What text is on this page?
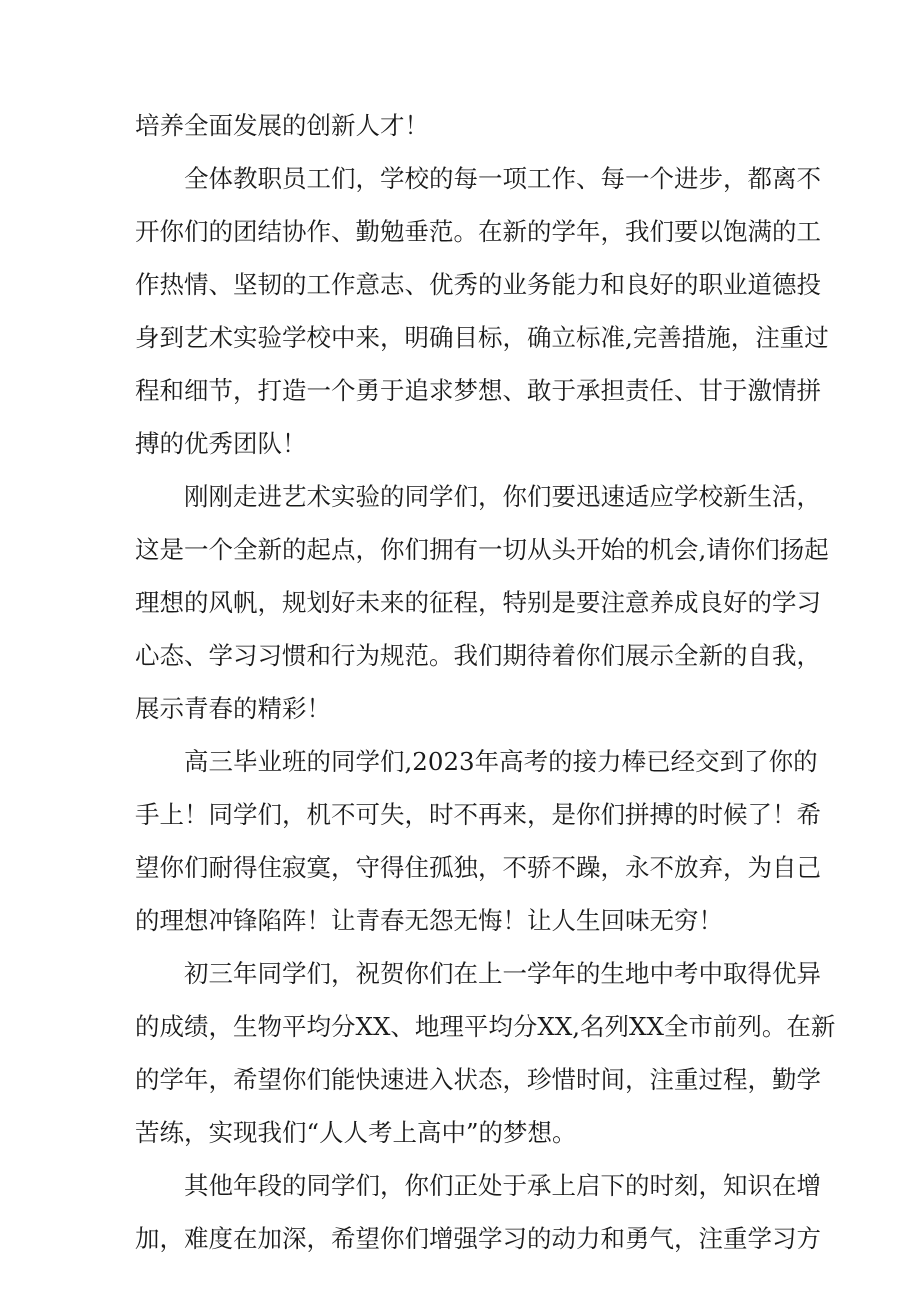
培养全面发展的创新人才！
全体教职员工们，学校的每一项工作、每一个进步，都离不
开你们的团结协作、勤勉垂范。在新的学年，我们要以饱满的工
作热情、坚韧的工作意志、优秀的业务能力和良好的职业道德投
身到艺术实验学校中来，明确目标，确立标准,完善措施，注重过
程和细节，打造一个勇于追求梦想、敢于承担责任、甘于激情拼
搏的优秀团队！
刚刚走进艺术实验的同学们，你们要迅速适应学校新生活，
这是一个全新的起点，你们拥有一切从头开始的机会,请你们扬起
理想的风帆，规划好未来的征程，特别是要注意养成良好的学习
心态、学习习惯和行为规范。我们期待着你们展示全新的自我，
展示青春的精彩！
高三毕业班的同学们,2023年高考的接力棒已经交到了你的
手上！同学们，机不可失，时不再来，是你们拼搏的时候了！希
望你们耐得住寂寞，守得住孤独，不骄不躁，永不放弃，为自己
的理想冲锋陷阵！让青春无怨无悔！让人生回味无穷！
初三年同学们，祝贺你们在上一学年的生地中考中取得优异
的成绩，生物平均分XX、地理平均分XX,名列XX全市前列。在新
的学年，希望你们能快速进入状态，珍惜时间，注重过程，勤学
苦练，实现我们“人人考上高中”的梦想。
其他年段的同学们，你们正处于承上启下的时刻，知识在增
加，难度在加深，希望你们增强学习的动力和勇气，注重学习方
